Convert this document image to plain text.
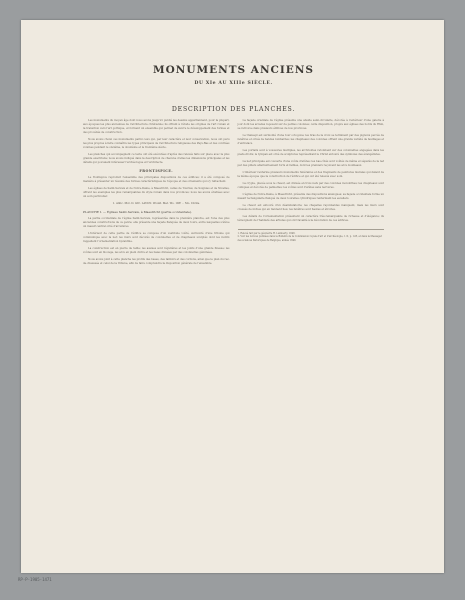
MONUMENTS ANCIENS
DU XIe AU XIIIe SIÈCLE.
DESCRIPTION DES PLANCHES.

Les monuments du moyen âge dont nous avons jusqu'ici publié les dessins appartiennent, pour la plupart, aux époques les plus anciennes de l'architecture chrétienne; ils offrent à l'étude les origines de l'art roman et la transition vers l'art gothique, et forment un ensemble qui permet de suivre le développement des formes et des procédés de construction.

Nous avons choisi ces monuments parmi ceux qui, par leur caractère et leur conservation, nous ont paru les plus propres à faire connaître les types principaux de l'architecture religieuse des Pays-Bas et des contrées voisines pendant le onzième, le douzième et le treizième siècle.

Les planches qui accompagnent ce texte ont été exécutées d'après des relevés faits sur place avec la plus grande exactitude; nous avons indiqué dans la description de chacune d'elles les dimensions principales et les détails qui pouvaient intéresser l'archéologue et l'architecte.

FRONTISPICE.

Le frontispice reproduit l'ensemble des principales dispositions de ces édifices; il a été composé de manière à présenter un résumé des formes caractéristiques de l'époque et des ornements qui s'y rattachent.

Les églises de Saint-Servais et de Notre-Dame, à Maestricht, celles de Tournai, de Soignies et de Nivelles, offrent les exemples les plus remarquables du style roman dans nos provinces; nous les avons étudiées avec un soin particulier.

1. Antic. Mot. D. GIC. LAVUN. Would. Met. Wo. 1DE . . Mo. 1022a.
PLANCHE I. — Églises Saint-Servais, à Maestricht (partie occidentale).

La partie occidentale de l'église Saint-Servais, représentée dans la première planche, est l'une des plus anciennes constructions de ce genre; elle présente une façade flanquée de deux tours, entre lesquelles s'élève un massif central orné d'arcatures.

L'intérieur de cette partie de l'édifice se compose d'un vestibule voûté, surmonté d'une tribune qui communique avec la nef; les murs sont décorés de colonnettes et de chapiteaux sculptés dont les motifs rappellent l'ornementation byzantine.

La construction est en pierre de taille; les assises sont régulières et les joints d'une grande finesse; les voûtes sont en blocage, les arcs en plein cintre et les baies divisées par des colonnettes géminées.

Nous avons joint à cette planche les profils des bases, des tailloirs et des cordons, ainsi que le plan du rez-de-chaussée et celui de la tribune, afin de faire comprendre la disposition générale de l'ensemble.

La façade orientale de l'église présente une abside semi-circulaire, décorée à l'extérieur d'une galerie à jour dont les arcades reposent sur de petites colonnes; cette disposition, propre aux églises des bords du Rhin, se retrouve dans plusieurs édifices de nos provinces.

Le transept est surmonté d'une tour octogone; les bras de la croix se terminent par des pignons percés de fenêtres et ornés de bandes lombardes; les chapiteaux des colonnes offrent une grande variété de feuillages et d'entrelacs.

Les portails sont à voussures multiples, les archivoltes retombent sur des colonnettes engagées dans les pieds-droits; le tympan est orné de sculptures représentant le Christ entouré des symboles des évangélistes.

La nef principale est couverte d'une voûte d'arêtes; les bas-côtés sont voûtés de même et séparés de la nef par des piliers alternativement forts et faibles, dont les premiers reçoivent les arcs doubleaux.

L'intérieur renferme plusieurs monuments funéraires et des fragments de peintures murales qui datent de la même époque que la construction de l'édifice et qui ont été relevés avec soin.

La crypte, placée sous le chœur, est divisée en trois nefs par des colonnes monolithes; les chapiteaux sont cubiques et décorés de palmettes; les voûtes sont d'arêtes sans nervures.

L'église de Notre-Dame, à Maestricht, présente des dispositions analogues; sa façade occidentale forme un massif rectangulaire flanqué de deux tourelles cylindriques renfermant les escaliers.

Le chœur est entouré d'un déambulatoire; les chapelles rayonnantes manquent, mais les murs sont creusés de niches qui en tiennent lieu; les fenêtres sont hautes et étroites.

Les détails de l'ornementation présentent un caractère très-remarquable de richesse et d'élégance; ils témoignent de l'habileté des artistes qui ont travaillé à la décoration de ces édifices.

1. Relevé fait par le géomètre H. Lamberty, 1848.
2. Voir les notices publiées dans le Bulletin de la Commission royale d'art et d'archéologie, t. II, p. 128, et dans le Messager des sciences historiques de Belgique, année 1840.
RP-P-1905-1471
